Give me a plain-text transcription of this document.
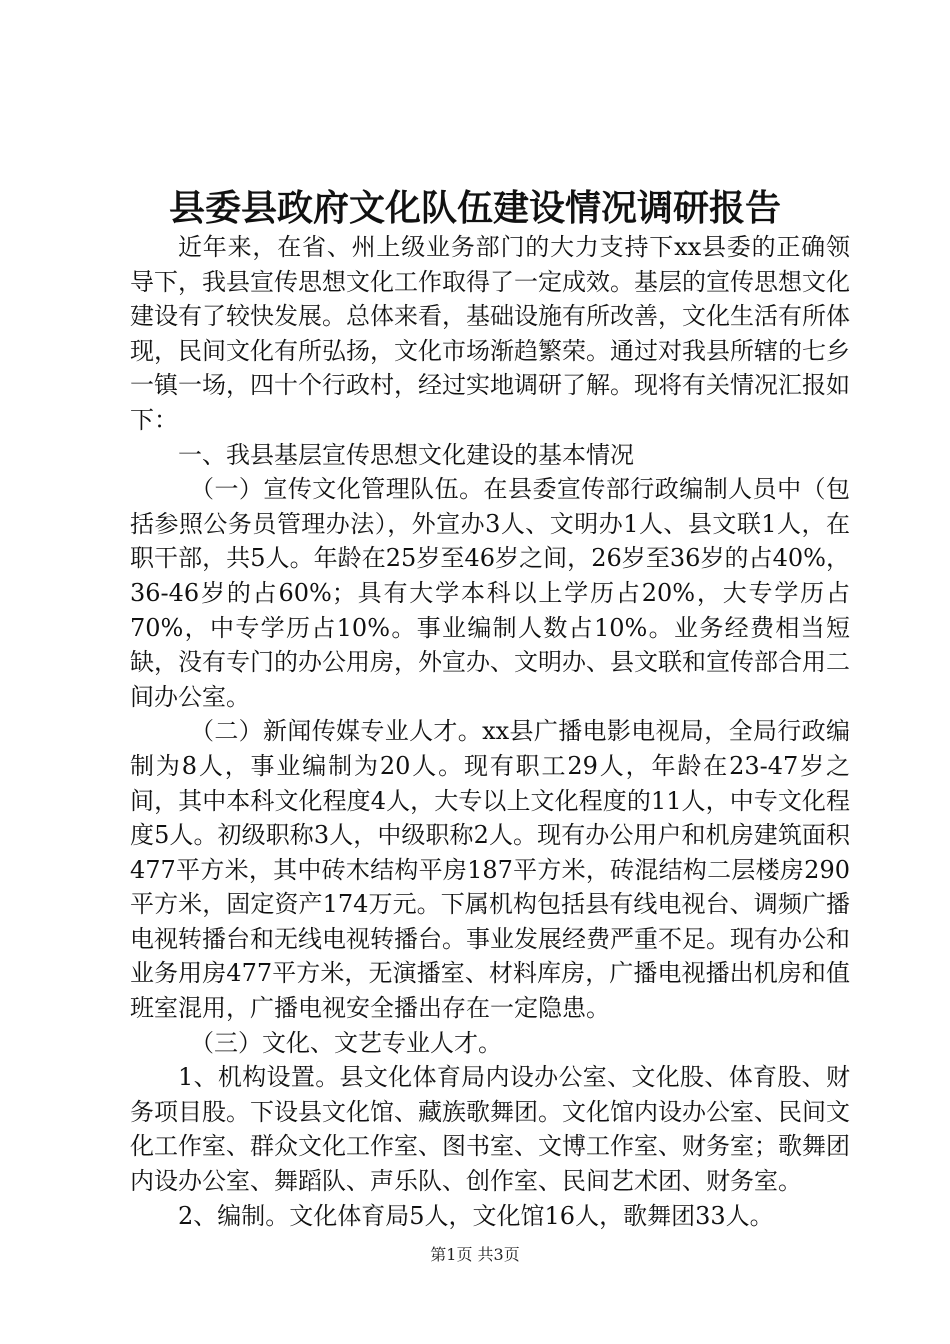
县委县政府文化队伍建设情况调研报告

近年来，在省、州上级业务部门的大力支持下xx县委的正确领导下，我县宣传思想文化工作取得了一定成效。基层的宣传思想文化建设有了较快发展。总体来看，基础设施有所改善，文化生活有所体现，民间文化有所弘扬，文化市场渐趋繁荣。通过对我县所辖的七乡一镇一场，四十个行政村，经过实地调研了解。现将有关情况汇报如下：

一、我县基层宣传思想文化建设的基本情况

（一）宣传文化管理队伍。在县委宣传部行政编制人员中（包括参照公务员管理办法），外宣办3人、文明办1人、县文联1人，在职干部，共5人。年龄在25岁至46岁之间，26岁至36岁的占40%，36-46岁的占60%；具有大学本科以上学历占20%，大专学历占70%，中专学历占10%。事业编制人数占10%。业务经费相当短缺，没有专门的办公用房，外宣办、文明办、县文联和宣传部合用二间办公室。

（二）新闻传媒专业人才。xx县广播电影电视局，全局行政编制为8人，事业编制为20人。现有职工29人，年龄在23-47岁之间，其中本科文化程度4人，大专以上文化程度的11人，中专文化程度5人。初级职称3人，中级职称2人。现有办公用户和机房建筑面积477平方米，其中砖木结构平房187平方米，砖混结构二层楼房290平方米，固定资产174万元。下属机构包括县有线电视台、调频广播电视转播台和无线电视转播台。事业发展经费严重不足。现有办公和业务用房477平方米，无演播室、材料库房，广播电视播出机房和值班室混用，广播电视安全播出存在一定隐患。

（三）文化、文艺专业人才。

1、机构设置。县文化体育局内设办公室、文化股、体育股、财务项目股。下设县文化馆、藏族歌舞团。文化馆内设办公室、民间文化工作室、群众文化工作室、图书室、文博工作室、财务室；歌舞团内设办公室、舞蹈队、声乐队、创作室、民间艺术团、财务室。

2、编制。文化体育局5人，文化馆16人，歌舞团33人。

第1页 共3页
